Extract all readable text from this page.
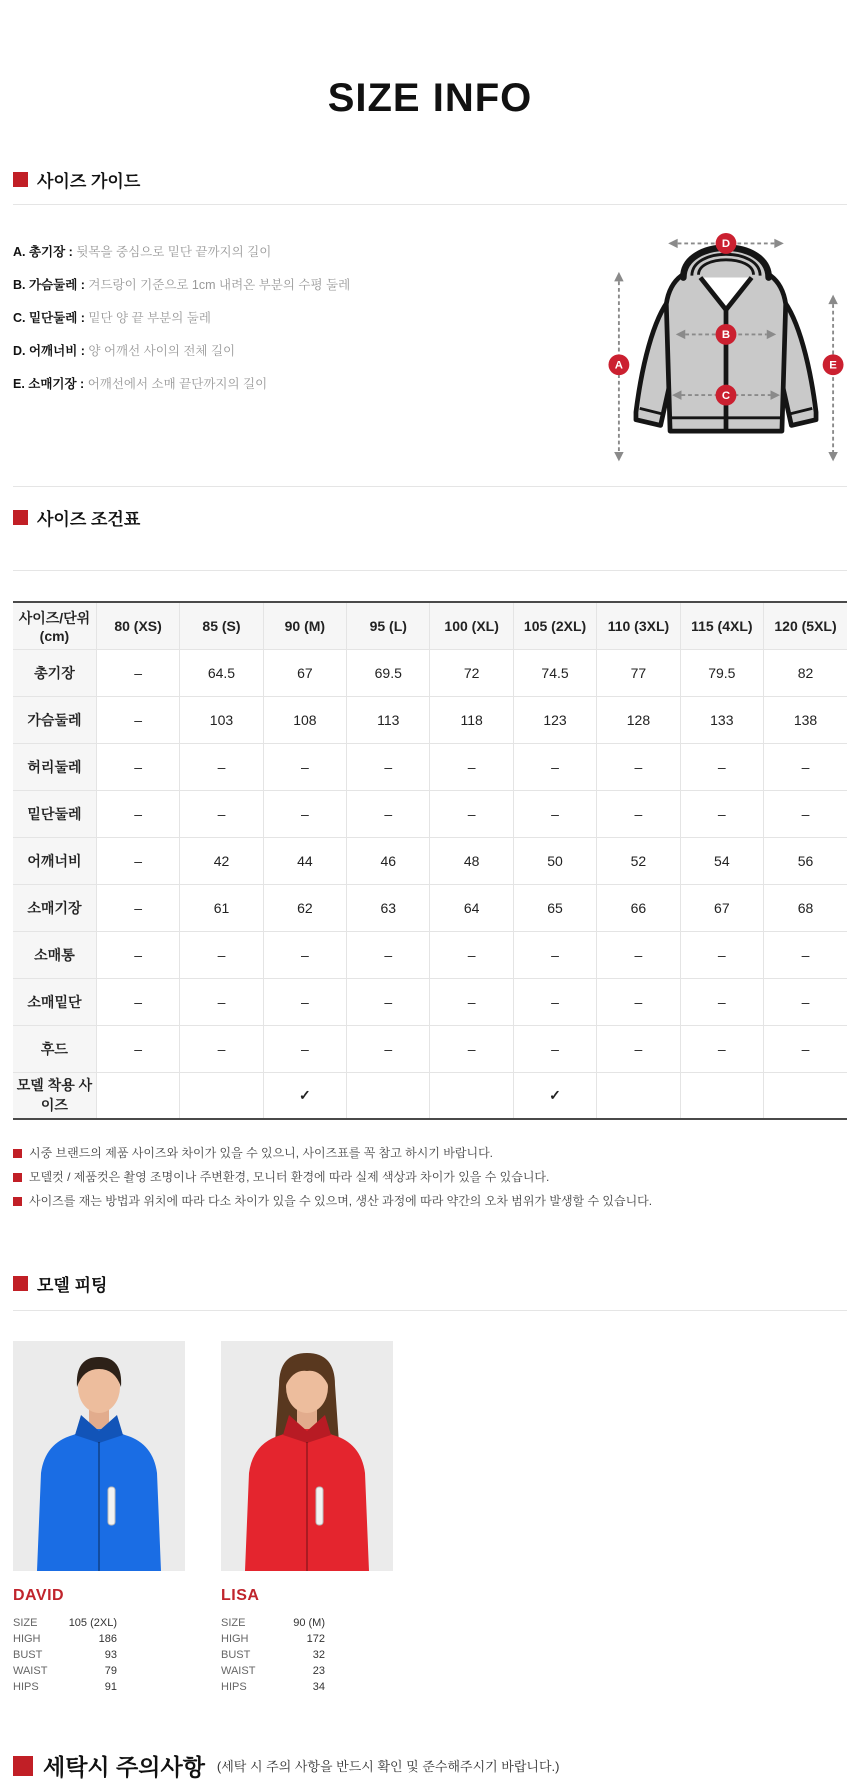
SIZE INFO
사이즈 가이드
A. 총기장 : 뒷목을 중심으로 밑단 끝까지의 길이
B. 가슴둘레 : 겨드랑이 기준으로 1cm 내려온 부분의 수평 둘레
C. 밑단둘레 : 밑단 양 끝 부분의 둘레
D. 어깨너비 : 양 어깨선 사이의 전체 길이
E. 소매기장 : 어깨선에서 소매 끝단까지의 길이
D
B
C
A	E
사이즈 조건표
사이즈/단위 (cm)	80 (XS)	85 (S)	90 (M)	95 (L)	100 (XL)	105 (2XL)	110 (3XL)	115 (4XL)	120 (5XL)
총기장	–	64.5	67	69.5	72	74.5	77	79.5	82
가슴둘레	–	103	108	113	118	123	128	133	138
허리둘레	–	–	–	–	–	–	–	–	–
밑단둘레	–	–	–	–	–	–	–	–	–
어깨너비	–	42	44	46	48	50	52	54	56
소매기장	–	61	62	63	64	65	66	67	68
소매통	–	–	–	–	–	–	–	–	–
소매밑단	–	–	–	–	–	–	–	–	–
후드	–	–	–	–	–	–	–	–	–
모델 착용 사이즈			✓			✓			
시중 브랜드의 제품 사이즈와 차이가 있을 수 있으니, 사이즈표를 꼭 참고 하시기 바랍니다.
모델컷 / 제품컷은 촬영 조명이나 주변환경, 모니터 환경에 따라 실제 색상과 차이가 있을 수 있습니다.
사이즈를 재는 방법과 위치에 따라 다소 차이가 있을 수 있으며, 생산 과정에 따라 약간의 오차 범위가 발생할 수 있습니다.
모델 피팅
DAVID
SIZE	105 (2XL)
HIGH	186
BUST	93
WAIST	79
HIPS	91
LISA
SIZE	90 (M)
HIGH	172
BUST	32
WAIST	23
HIPS	34
세탁시 주의사항 (세탁 시 주의 사항을 반드시 확인 및 준수해주시기 바랍니다.)
